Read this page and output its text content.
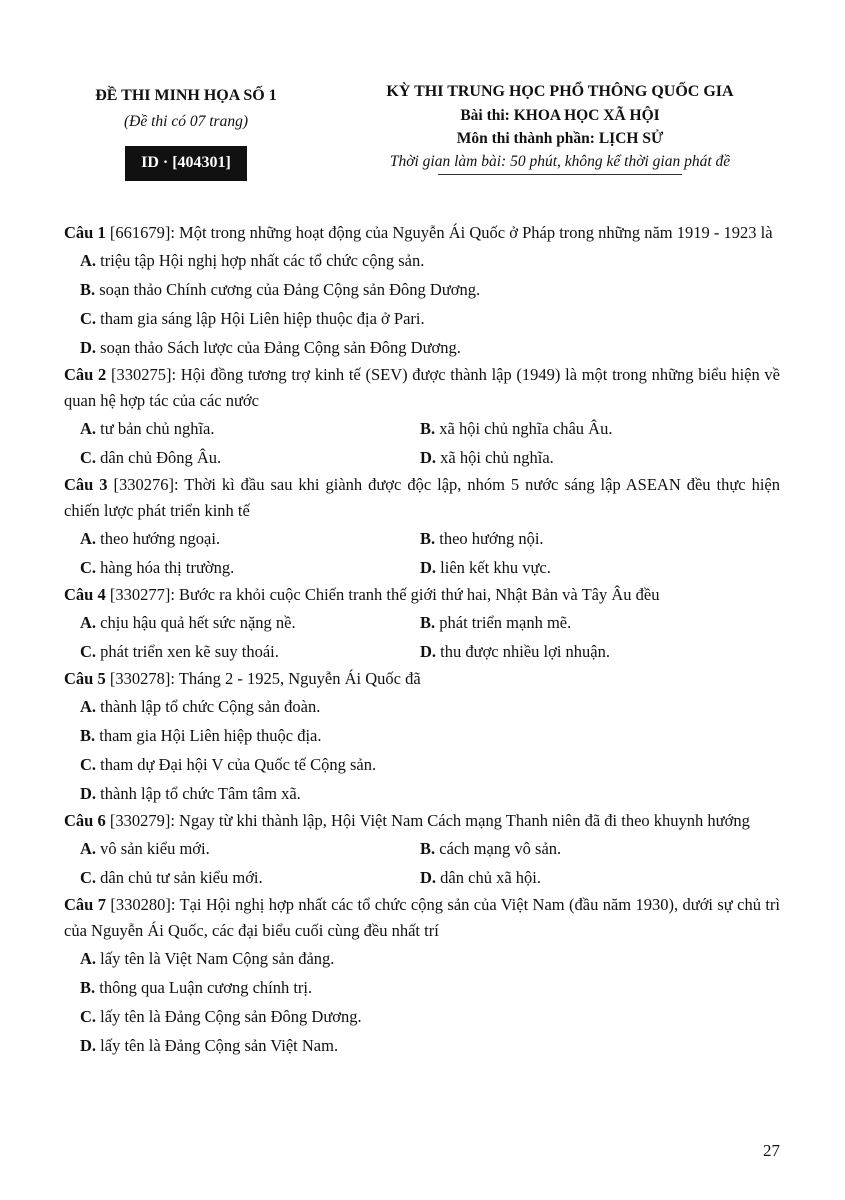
ĐỀ THI MINH HỌA SỐ 1
(Đề thi có 07 trang)
ID · [404301]
KỲ THI TRUNG HỌC PHỔ THÔNG QUỐC GIA
Bài thi: KHOA HỌC XÃ HỘI
Môn thi thành phần: LỊCH SỬ
Thời gian làm bài: 50 phút, không kể thời gian phát đề
Câu 1 [661679]: Một trong những hoạt động của Nguyễn Ái Quốc ở Pháp trong những năm 1919 - 1923 là
A. triệu tập Hội nghị hợp nhất các tổ chức cộng sản.
B. soạn thảo Chính cương của Đảng Cộng sản Đông Dương.
C. tham gia sáng lập Hội Liên hiệp thuộc địa ở Pari.
D. soạn thảo Sách lược của Đảng Cộng sản Đông Dương.
Câu 2 [330275]: Hội đồng tương trợ kinh tế (SEV) được thành lập (1949) là một trong những biểu hiện về quan hệ hợp tác của các nước
A. tư bản chủ nghĩa.	B. xã hội chủ nghĩa châu Âu.
C. dân chủ Đông Âu.	D. xã hội chủ nghĩa.
Câu 3 [330276]: Thời kì đầu sau khi giành được độc lập, nhóm 5 nước sáng lập ASEAN đều thực hiện chiến lược phát triển kinh tế
A. theo hướng ngoại.	B. theo hướng nội.
C. hàng hóa thị trường.	D. liên kết khu vực.
Câu 4 [330277]: Bước ra khỏi cuộc Chiến tranh thế giới thứ hai, Nhật Bản và Tây Âu đều
A. chịu hậu quả hết sức nặng nề.	B. phát triển mạnh mẽ.
C. phát triển xen kẽ suy thoái.	D. thu được nhiều lợi nhuận.
Câu 5 [330278]: Tháng 2 - 1925, Nguyễn Ái Quốc đã
A. thành lập tổ chức Cộng sản đoàn.
B. tham gia Hội Liên hiệp thuộc địa.
C. tham dự Đại hội V của Quốc tế Cộng sản.
D. thành lập tổ chức Tâm tâm xã.
Câu 6 [330279]: Ngay từ khi thành lập, Hội Việt Nam Cách mạng Thanh niên đã đi theo khuynh hướng
A. vô sản kiểu mới.	B. cách mạng vô sản.
C. dân chủ tư sản kiểu mới.	D. dân chủ xã hội.
Câu 7 [330280]: Tại Hội nghị hợp nhất các tổ chức cộng sản của Việt Nam (đầu năm 1930), dưới sự chủ trì của Nguyễn Ái Quốc, các đại biểu cuối cùng đều nhất trí
A. lấy tên là Việt Nam Cộng sản đảng.
B. thông qua Luận cương chính trị.
C. lấy tên là Đảng Cộng sản Đông Dương.
D. lấy tên là Đảng Cộng sản Việt Nam.
27
